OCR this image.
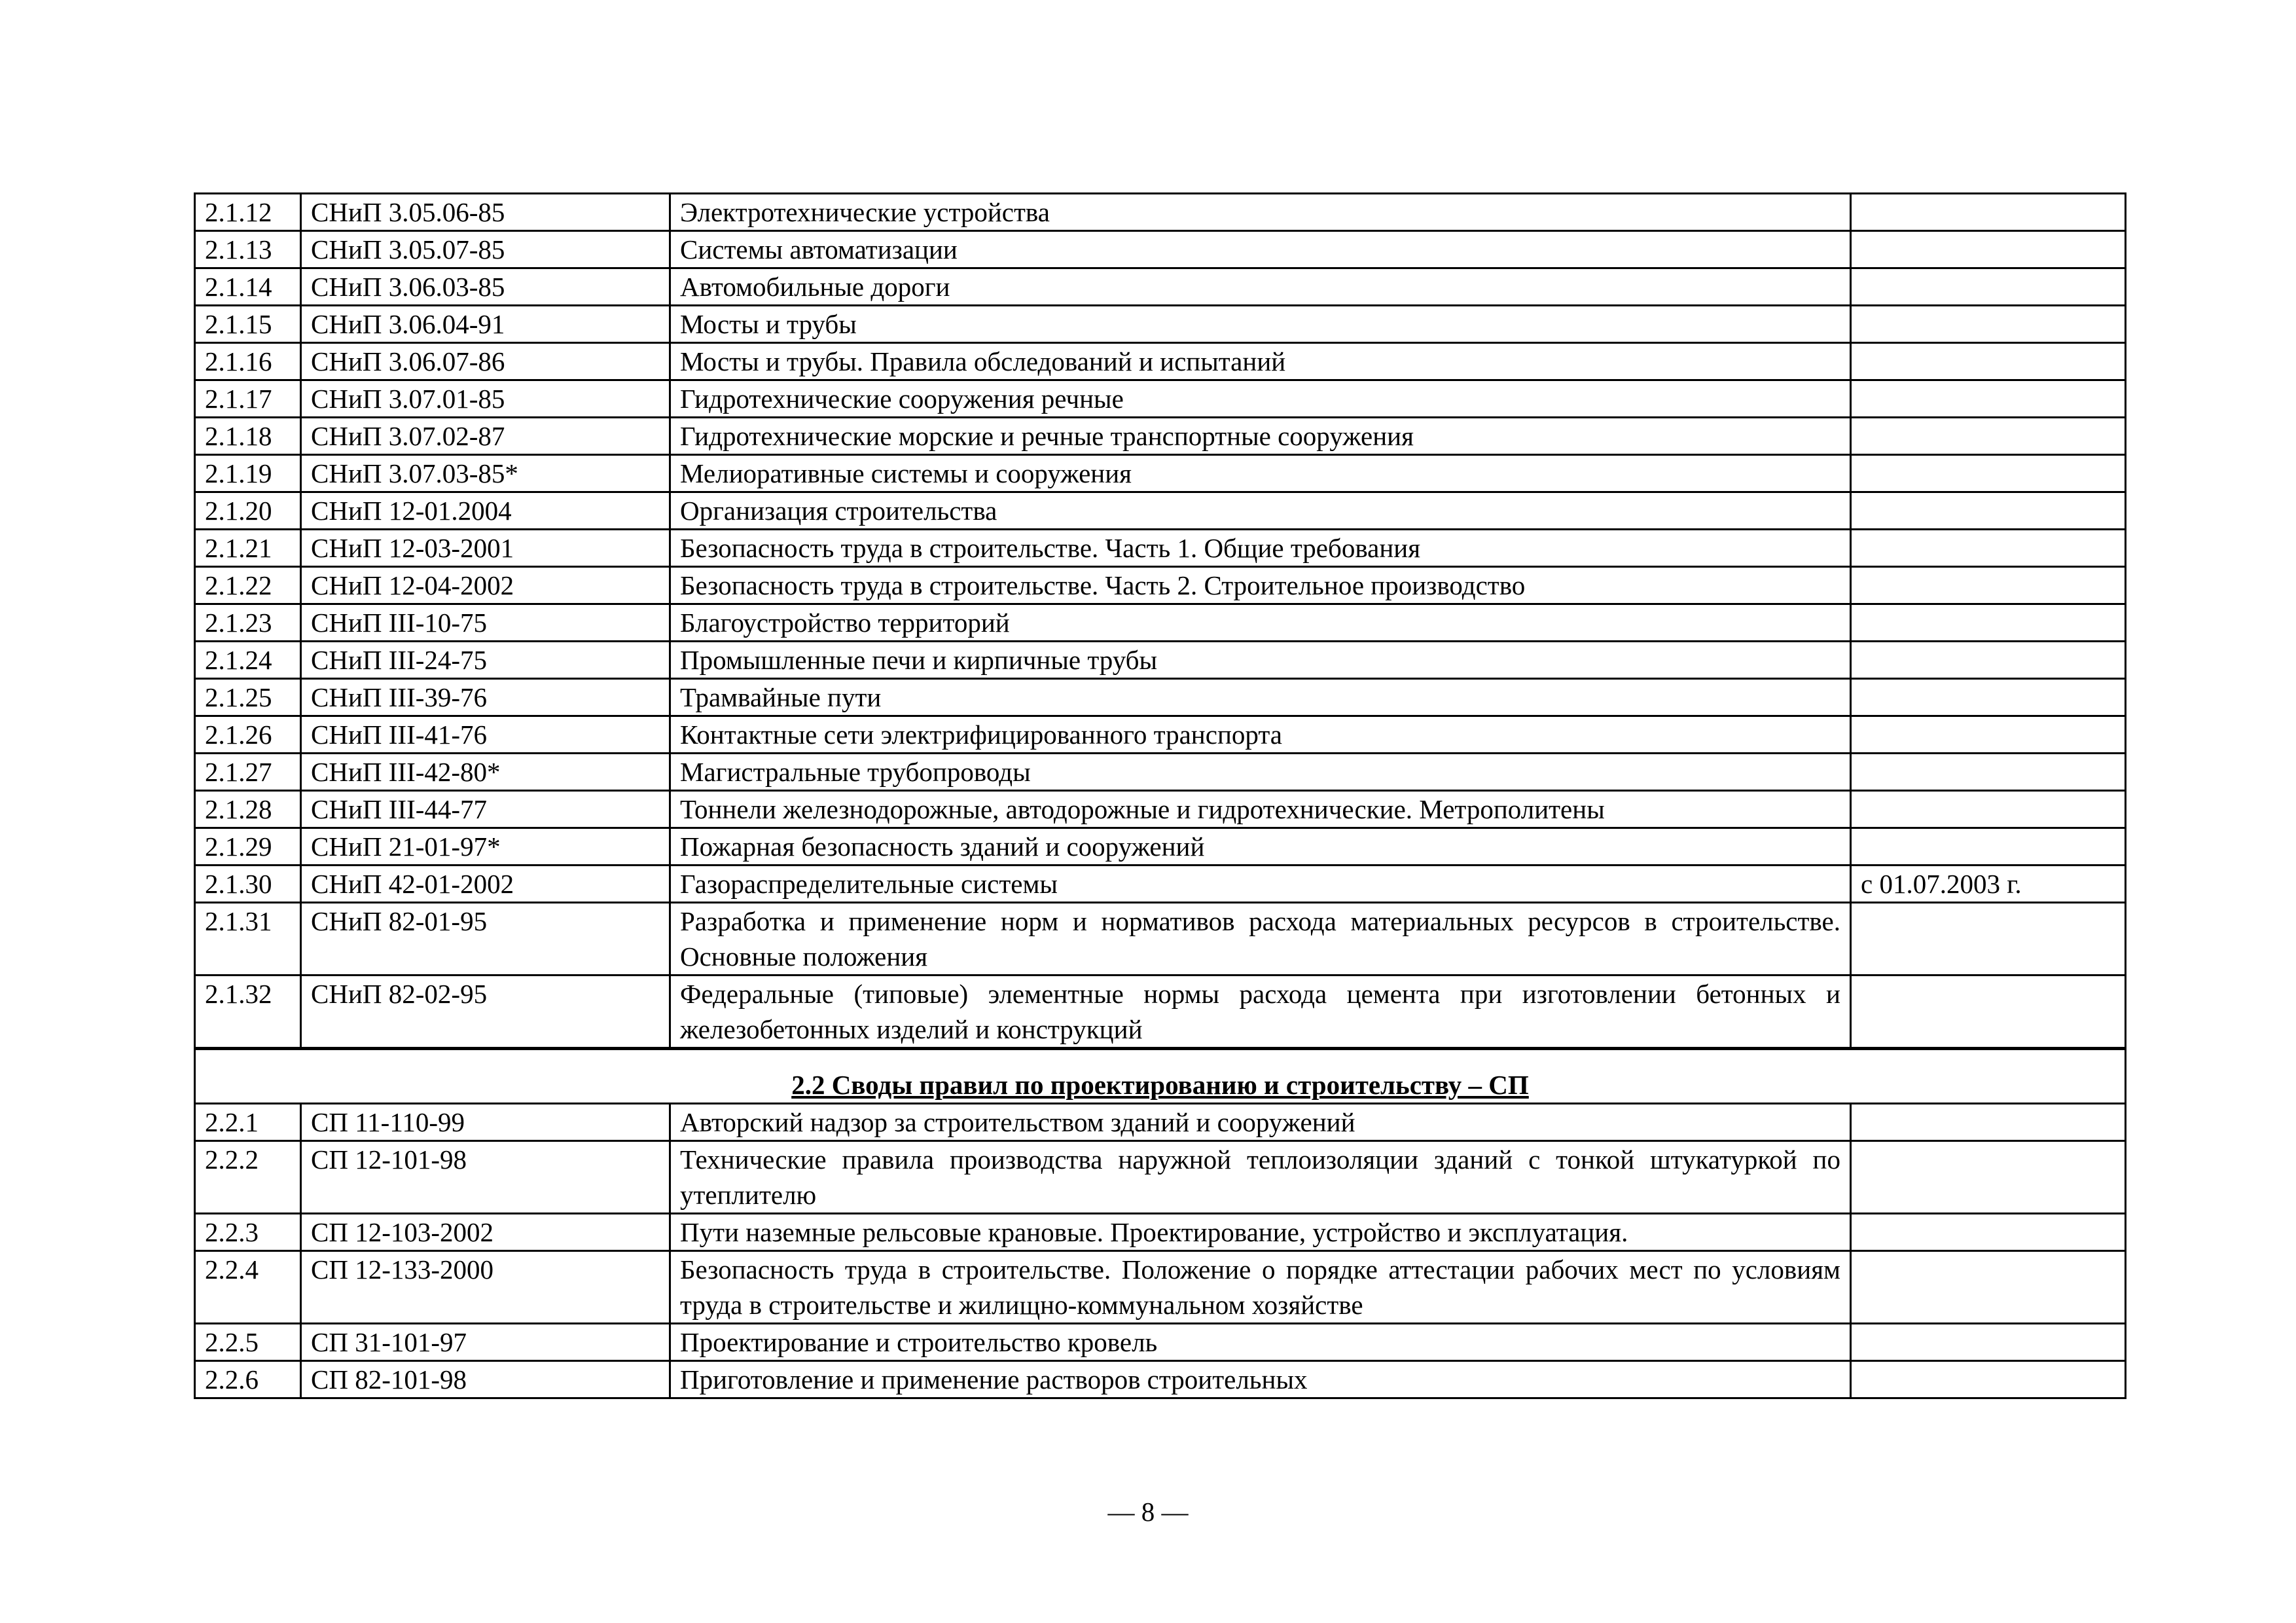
2.1.12	СНиП 3.05.06-85	Электротехнические устройства	
2.1.13	СНиП 3.05.07-85	Системы автоматизации	
2.1.14	СНиП 3.06.03-85	Автомобильные дороги	
2.1.15	СНиП 3.06.04-91	Мосты и трубы	
2.1.16	СНиП 3.06.07-86	Мосты и трубы. Правила обследований и испытаний	
2.1.17	СНиП 3.07.01-85	Гидротехнические сооружения речные	
2.1.18	СНиП 3.07.02-87	Гидротехнические морские и речные транспортные сооружения	
2.1.19	СНиП 3.07.03-85*	Мелиоративные системы и сооружения	
2.1.20	СНиП 12-01.2004	Организация строительства	
2.1.21	СНиП 12-03-2001	Безопасность труда в строительстве. Часть 1. Общие требования	
2.1.22	СНиП 12-04-2002	Безопасность труда в строительстве. Часть 2. Строительное производство	
2.1.23	СНиП III-10-75	Благоустройство территорий	
2.1.24	СНиП III-24-75	Промышленные печи и кирпичные трубы	
2.1.25	СНиП III-39-76	Трамвайные пути	
2.1.26	СНиП III-41-76	Контактные сети электрифицированного транспорта	
2.1.27	СНиП III-42-80*	Магистральные трубопроводы	
2.1.28	СНиП III-44-77	Тоннели железнодорожные, автодорожные и гидротехнические. Метрополитены	
2.1.29	СНиП 21-01-97*	Пожарная безопасность зданий и сооружений	
2.1.30	СНиП 42-01-2002	Газораспределительные системы	с 01.07.2003 г.
2.1.31	СНиП 82-01-95	Разработка и применение норм и нормативов расхода материальных ресурсов в строительстве. Основные положения	
2.1.32	СНиП 82-02-95	Федеральные (типовые) элементные нормы расхода цемента при изготовлении бетонных и железобетонных изделий и конструкций	
2.2 Своды правил по проектированию и строительству – СП			
2.2.1	СП 11-110-99	Авторский надзор за строительством зданий и сооружений	
2.2.2	СП 12-101-98	Технические правила производства наружной теплоизоляции зданий с тонкой штукатуркой по утеплителю	
2.2.3	СП 12-103-2002	Пути наземные рельсовые крановые. Проектирование, устройство и эксплуатация.	
2.2.4	СП 12-133-2000	Безопасность труда в строительстве. Положение о порядке аттестации рабочих мест по условиям труда в строительстве и жилищно-коммунальном хозяйстве	
2.2.5	СП 31-101-97	Проектирование и строительство кровель	
2.2.6	СП 82-101-98	Приготовление и применение растворов строительных	
— 8 —
